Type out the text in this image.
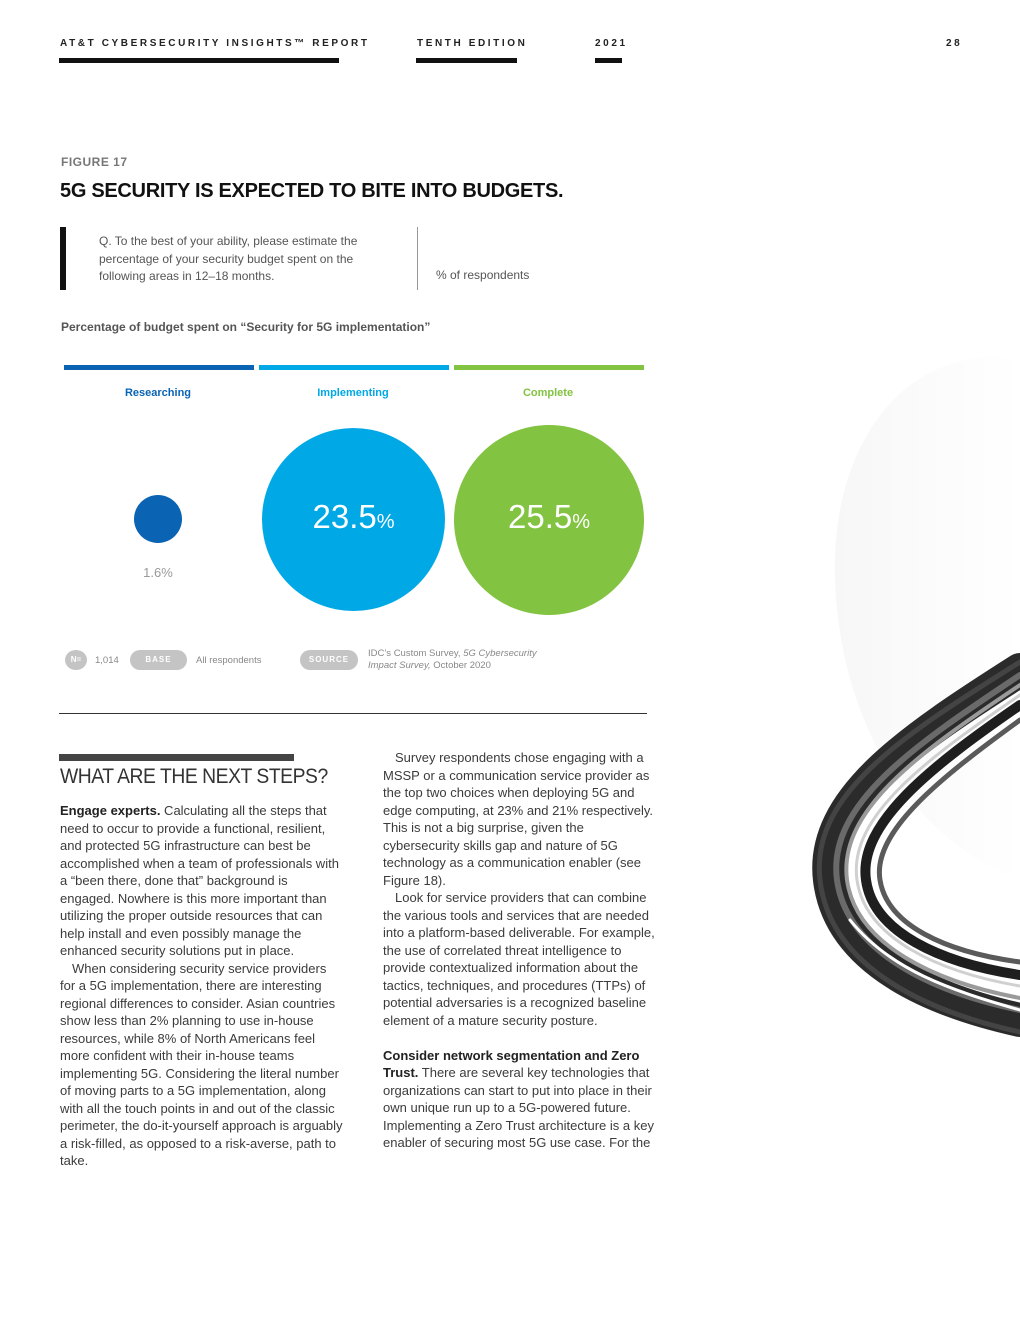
AT&T CYBERSECURITY INSIGHTS™ REPORT	TENTH EDITION	2021	28
FIGURE 17
5G SECURITY IS EXPECTED TO BITE INTO BUDGETS.
Q. To the best of your ability, please estimate the percentage of your security budget spent on the following areas in 12–18 months.	% of respondents
Percentage of budget spent on “Security for 5G implementation”
Researching	Implementing	Complete
1.6%
23.5%	25.5%
N=	1,014	BASE	All respondents	SOURCE
IDC’s Custom Survey, 5G Cybersecurity Impact Survey, October 2020
WHAT ARE THE NEXT STEPS?

Engage experts. Calculating all the steps that need to occur to provide a functional, resilient, and protected 5G infrastructure can best be accomplished when a team of professionals with a “been there, done that” background is engaged. Nowhere is this more important than utilizing the proper outside resources that can help install and even possibly manage the enhanced security solutions put in place.

When considering security service providers for a 5G implementation, there are interesting regional differences to consider. Asian countries show less than 2% planning to use in-house resources, while 8% of North Americans feel more confident with their in-house teams implementing 5G. Considering the literal number of moving parts to a 5G implementation, along with all the touch points in and out of the classic perimeter, the do-it-yourself approach is arguably a risk-filled, as opposed to a risk-averse, path to take.

Survey respondents chose engaging with a MSSP or a communication service provider as the top two choices when deploying 5G and edge computing, at 23% and 21% respectively. This is not a big surprise, given the cybersecurity skills gap and nature of 5G technology as a communication enabler (see Figure 18).

Look for service providers that can combine the various tools and services that are needed into a platform-based deliverable. For example, the use of correlated threat intelligence to provide contextualized information about the tactics, techniques, and procedures (TTPs) of potential adversaries is a recognized baseline element of a mature security posture.

Consider network segmentation and Zero Trust. There are several key technologies that organizations can start to put into place in their own unique run up to a 5G-powered future. Implementing a Zero Trust architecture is a key enabler of securing most 5G use case. For the
